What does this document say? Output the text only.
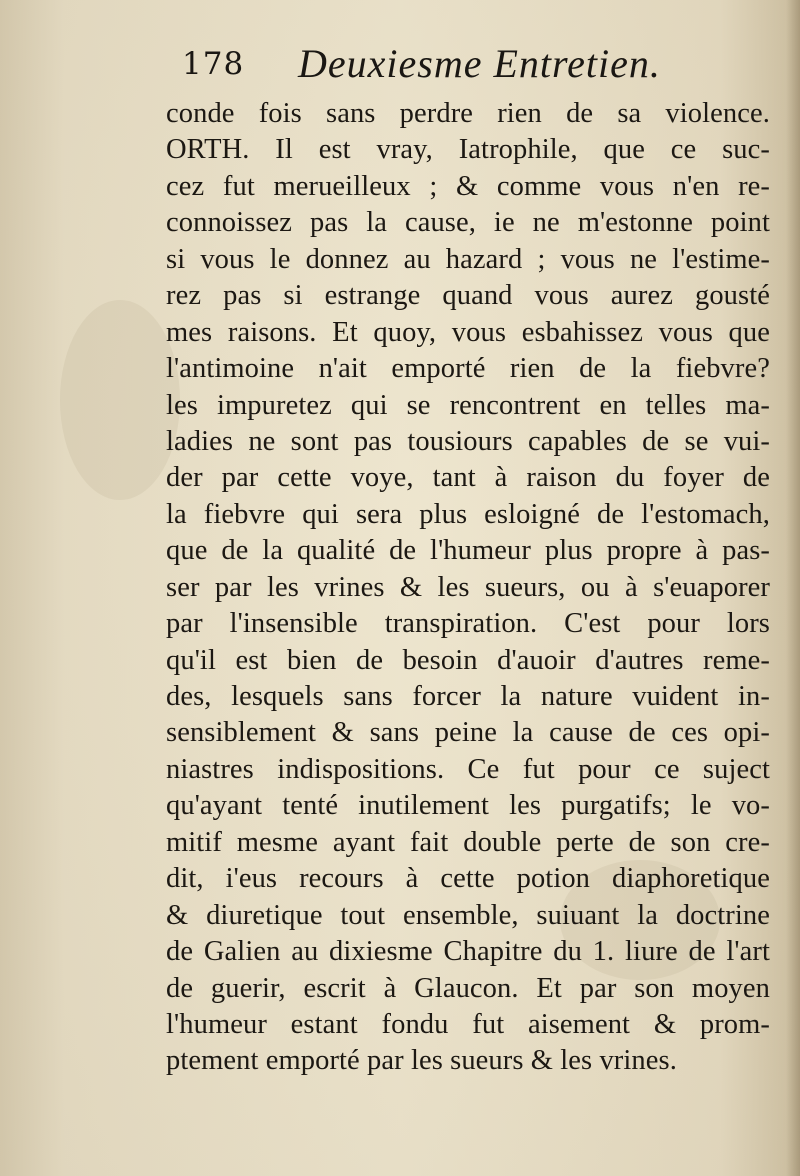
178 Deuxiesme Entretien.
conde fois sans perdre rien de sa violence.
ORTH. Il est vray, Iatrophile, que ce suc-
cez fut merueilleux ; & comme vous n'en re-
connoissez pas la cause, ie ne m'estonne point
si vous le donnez au hazard ; vous ne l'estime-
rez pas si estrange quand vous aurez gousté
mes raisons. Et quoy, vous esbahissez vous que
l'antimoine n'ait emporté rien de la fiebvre?
les impuretez qui se rencontrent en telles ma-
ladies ne sont pas tousiours capables de se vui-
der par cette voye, tant à raison du foyer de
la fiebvre qui sera plus esloigné de l'estomach,
que de la qualité de l'humeur plus propre à pas-
ser par les vrines & les sueurs, ou à s'euaporer
par l'insensible transpiration. C'est pour lors
qu'il est bien de besoin d'auoir d'autres reme-
des, lesquels sans forcer la nature vuident in-
sensiblement & sans peine la cause de ces opi-
niastres indispositions. Ce fut pour ce suject
qu'ayant tenté inutilement les purgatifs; le vo-
mitif mesme ayant fait double perte de son cre-
dit, i'eus recours à cette potion diaphoretique
& diuretique tout ensemble, suiuant la doctrine
de Galien au dixiesme Chapitre du 1. liure de l'art
de guerir, escrit à Glaucon. Et par son moyen
l'humeur estant fondu fut aisement & prom-
ptement emporté par les sueurs & les vrines.
